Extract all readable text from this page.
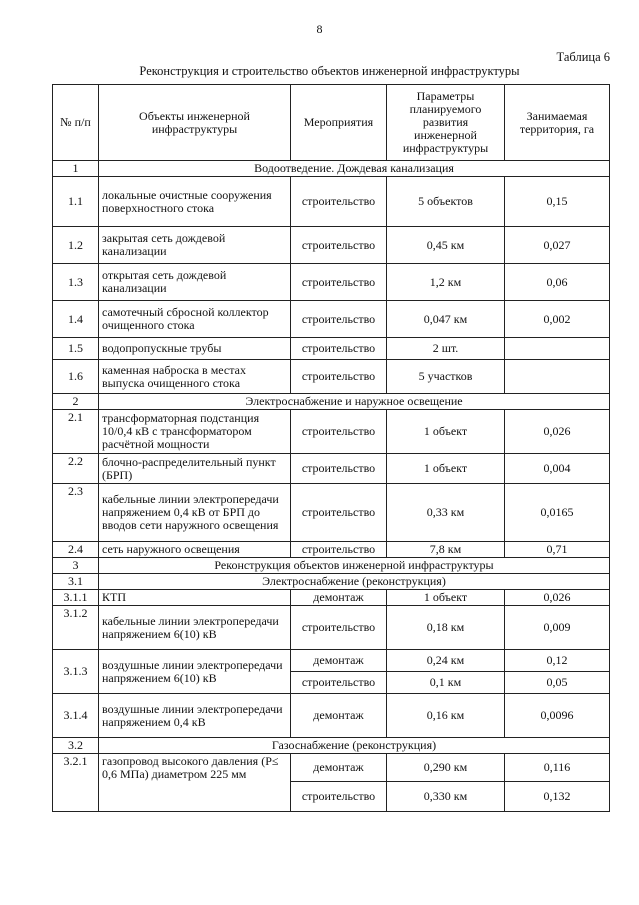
8
Таблица 6
Реконструкция и строительство объектов инженерной инфраструктуры
№ п/п	Объекты инженерной инфраструктуры	Мероприятия	Параметры планируемого развития инженерной инфраструктуры	Занимаемая территория, га
1	Водоотведение. Дождевая канализация			
1.1	локальные очистные сооружения поверхностного стока	строительство	5 объектов	0,15
1.2	закрытая сеть дождевой канализации	строительство	0,45 км	0,027
1.3	открытая сеть дождевой канализации	строительство	1,2 км	0,06
1.4	самотечный сбросной коллектор очищенного стока	строительство	0,047 км	0,002
1.5	водопропускные трубы	строительство	2 шт.	
1.6	каменная наброска в местах выпуска очищенного стока	строительство	5 участков	
2	Электроснабжение и наружное освещение			
2.1	трансформаторная подстанция 10/0,4 кВ с трансформатором расчётной мощности	строительство	1 объект	0,026
2.2	блочно-распределительный пункт (БРП)	строительство	1 объект	0,004
2.3	кабельные линии электропередачи напряжением 0,4 кВ от БРП до вводов сети наружного освещения	строительство	0,33 км	0,0165
2.4	сеть наружного освещения	строительство	7,8 км	0,71
3	Реконструкция объектов инженерной инфраструктуры			
3.1	Электроснабжение (реконструкция)			
3.1.1	КТП	демонтаж	1 объект	0,026
3.1.2	кабельные линии электропередачи напряжением 6(10) кВ	строительство	0,18 км	0,009
3.1.3	воздушные линии электропередачи напряжением 6(10) кВ	демонтаж	0,24 км	0,12
		строительство	0,1 км	0,05
3.1.4	воздушные линии электропередачи напряжением 0,4 кВ	демонтаж	0,16 км	0,0096
3.2	Газоснабжение (реконструкция)			
3.2.1	газопровод высокого давления (Р≤ 0,6 МПа) диаметром 225 мм	демонтаж	0,290 км	0,116
		строительство	0,330 км	0,132
